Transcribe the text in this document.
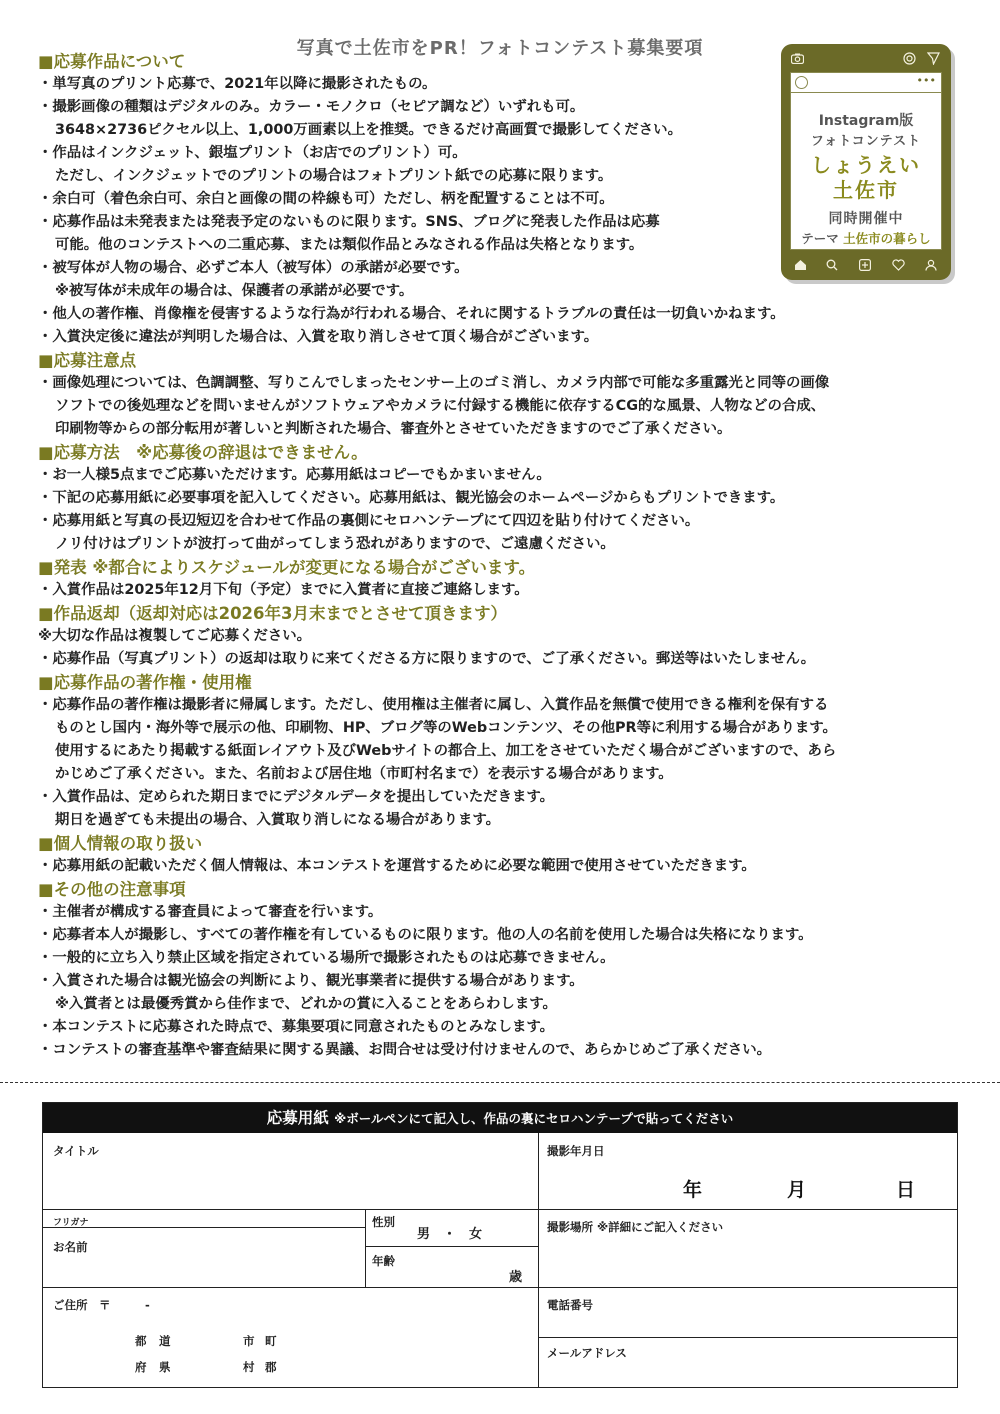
写真で土佐市をPR！フォトコンテスト募集要項
■応募作品について
・単写真のプリント応募で、2021年以降に撮影されたもの。
・撮影画像の種類はデジタルのみ。カラー・モノクロ（セピア調など）いずれも可。
3648×2736ピクセル以上、1,000万画素以上を推奨。できるだけ高画質で撮影してください。
・作品はインクジェット、銀塩プリント（お店でのプリント）可。
ただし、インクジェットでのプリントの場合はフォトプリント紙での応募に限ります。
・余白可（着色余白可、余白と画像の間の枠線も可）ただし、柄を配置することは不可。
・応募作品は未発表または発表予定のないものに限ります。SNS、ブログに発表した作品は応募
可能。他のコンテストへの二重応募、または類似作品とみなされる作品は失格となります。
・被写体が人物の場合、必ずご本人（被写体）の承諾が必要です。
※被写体が未成年の場合は、保護者の承諾が必要です。
・他人の著作権、肖像権を侵害するような行為が行われる場合、それに関するトラブルの責任は一切負いかねます。
・入賞決定後に違法が判明した場合は、入賞を取り消しさせて頂く場合がございます。
■応募注意点
・画像処理については、色調調整、写りこんでしまったセンサー上のゴミ消し、カメラ内部で可能な多重露光と同等の画像
ソフトでの後処理などを問いませんがソフトウェアやカメラに付録する機能に依存するCG的な風景、人物などの合成、
印刷物等からの部分転用が著しいと判断された場合、審査外とさせていただきますのでご了承ください。
■応募方法　※応募後の辞退はできません。
・お一人様5点までご応募いただけます。応募用紙はコピーでもかまいません。
・下記の応募用紙に必要事項を記入してください。応募用紙は、観光協会のホームページからもプリントできます。
・応募用紙と写真の長辺短辺を合わせて作品の裏側にセロハンテープにて四辺を貼り付けてください。
ノリ付けはプリントが波打って曲がってしまう恐れがありますので、ご遠慮ください。
■発表 ※都合によりスケジュールが変更になる場合がございます。
・入賞作品は2025年12月下旬（予定）までに入賞者に直接ご連絡します。
■作品返却（返却対応は2026年3月末までとさせて頂きます）
※大切な作品は複製してご応募ください。
・応募作品（写真プリント）の返却は取りに来てくださる方に限りますので、ご了承ください。郵送等はいたしません。
■応募作品の著作権・使用権
・応募作品の著作権は撮影者に帰属します。ただし、使用権は主催者に属し、入賞作品を無償で使用できる権利を保有する
ものとし国内・海外等で展示の他、印刷物、HP、ブログ等のWebコンテンツ、その他PR等に利用する場合があります。
使用するにあたり掲載する紙面レイアウト及びWebサイトの都合上、加工をさせていただく場合がございますので、あら
かじめご了承ください。また、名前および居住地（市町村名まで）を表示する場合があります。
・入賞作品は、定められた期日までにデジタルデータを提出していただきます。
期日を過ぎても未提出の場合、入賞取り消しになる場合があります。
■個人情報の取り扱い
・応募用紙の記載いただく個人情報は、本コンテストを運営するために必要な範囲で使用させていただきます。
■その他の注意事項
・主催者が構成する審査員によって審査を行います。
・応募者本人が撮影し、すべての著作権を有しているものに限ります。他の人の名前を使用した場合は失格になります。
・一般的に立ち入り禁止区域を指定されている場所で撮影されたものは応募できません。
・入賞された場合は観光協会の判断により、観光事業者に提供する場合があります。
※入賞者とは最優秀賞から佳作まで、どれかの賞に入ることをあらわします。
・本コンテストに応募された時点で、募集要項に同意されたものとみなします。
・コンテストの審査基準や審査結果に関する異議、お問合せは受け付けませんので、あらかじめご了承ください。
•••
Instagram版
フォトコンテスト
しょうえい
土佐市
同時開催中
テーマ 土佐市の暮らし
応募用紙 ※ボールペンにて記入し、作品の裏にセロハンテープで貼ってください
タイトル	撮影年月日
年	月	日
フリガナ
お名前
性別
男　・　女
年齢
歳
撮影場所 ※詳細にご記入ください
ご住所　〒　　　-
都 道
府 県
市 町
村 郡
電話番号
メールアドレス
